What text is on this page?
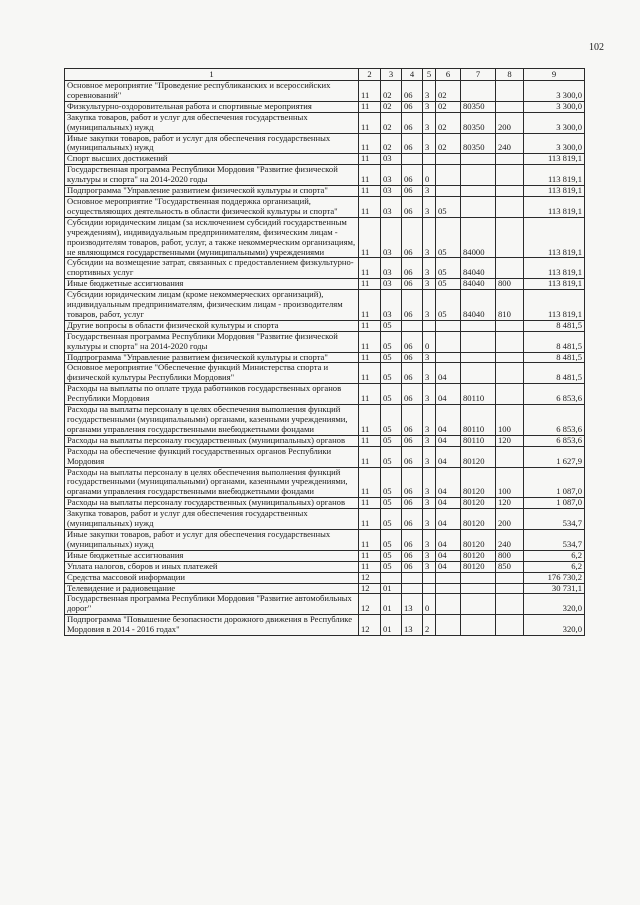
102
1	2	3	4	5	6	7	8	9
Основное мероприятие "Проведение республиканских и всероссийских соревнований"	11	02	06	3	02			3 300,0
Физкультурно-оздоровительная работа и спортивные мероприятия	11	02	06	3	02	80350		3 300,0
Закупка товаров, работ и услуг для обеспечения государственных (муниципальных) нужд	11	02	06	3	02	80350	200	3 300,0
Иные закупки товаров, работ и услуг для обеспечения государственных (муниципальных) нужд	11	02	06	3	02	80350	240	3 300,0
Спорт высших достижений	11	03						113 819,1
Государственная программа Республики Мордовия "Развитие физической культуры и спорта" на 2014-2020 годы	11	03	06	0				113 819,1
Подпрограмма "Управление развитием физической культуры и спорта"	11	03	06	3				113 819,1
Основное мероприятие "Государственная поддержка организаций, осуществляющих деятельность в области физической культуры и спорта"	11	03	06	3	05			113 819,1
Субсидии юридическим лицам (за исключением субсидий государственным учреждениям), индивидуальным предпринимателям, физическим лицам - производителям товаров, работ, услуг, а также некоммерческим организациям, не являющимся государственными (муниципальными) учреждениями	11	03	06	3	05	84000		113 819,1
Субсидии на возмещение затрат, связанных с предоставлением физкультурно-спортивных услуг	11	03	06	3	05	84040		113 819,1
Иные бюджетные ассигнования	11	03	06	3	05	84040	800	113 819,1
Субсидии юридическим лицам (кроме некоммерческих организаций), индивидуальным предпринимателям, физическим лицам - производителям товаров, работ, услуг	11	03	06	3	05	84040	810	113 819,1
Другие вопросы в области физической культуры и спорта	11	05						8 481,5
Государственная программа Республики Мордовия "Развитие физической культуры и спорта" на 2014-2020 годы	11	05	06	0				8 481,5
Подпрограмма "Управление развитием физической культуры и спорта"	11	05	06	3				8 481,5
Основное мероприятие "Обеспечение функций Министерства спорта и физической культуры Республики Мордовия"	11	05	06	3	04			8 481,5
Расходы на выплаты по оплате труда работников государственных органов Республики Мордовия	11	05	06	3	04	80110		6 853,6
Расходы на выплаты персоналу в целях обеспечения выполнения функций государственными (муниципальными) органами, казенными учреждениями, органами управления государственными внебюджетными фондами	11	05	06	3	04	80110	100	6 853,6
Расходы на выплаты персоналу государственных (муниципальных) органов	11	05	06	3	04	80110	120	6 853,6
Расходы на обеспечение функций государственных органов Республики Мордовия	11	05	06	3	04	80120		1 627,9
Расходы на выплаты персоналу в целях обеспечения выполнения функций государственными (муниципальными) органами, казенными учреждениями, органами управления государственными внебюджетными фондами	11	05	06	3	04	80120	100	1 087,0
Расходы на выплаты персоналу государственных (муниципальных) органов	11	05	06	3	04	80120	120	1 087,0
Закупка товаров, работ и услуг для обеспечения государственных (муниципальных) нужд	11	05	06	3	04	80120	200	534,7
Иные закупки товаров, работ и услуг для обеспечения государственных (муниципальных) нужд	11	05	06	3	04	80120	240	534,7
Иные бюджетные ассигнования	11	05	06	3	04	80120	800	6,2
Уплата налогов, сборов и иных платежей	11	05	06	3	04	80120	850	6,2
Средства массовой информации	12							176 730,2
Телевидение и радиовещание	12	01						30 731,1
Государственная программа Республики Мордовия "Развитие автомобильных дорог"	12	01	13	0				320,0
Подпрограмма "Повышение безопасности дорожного движения в Республике Мордовия в 2014 - 2016 годах"	12	01	13	2				320,0
